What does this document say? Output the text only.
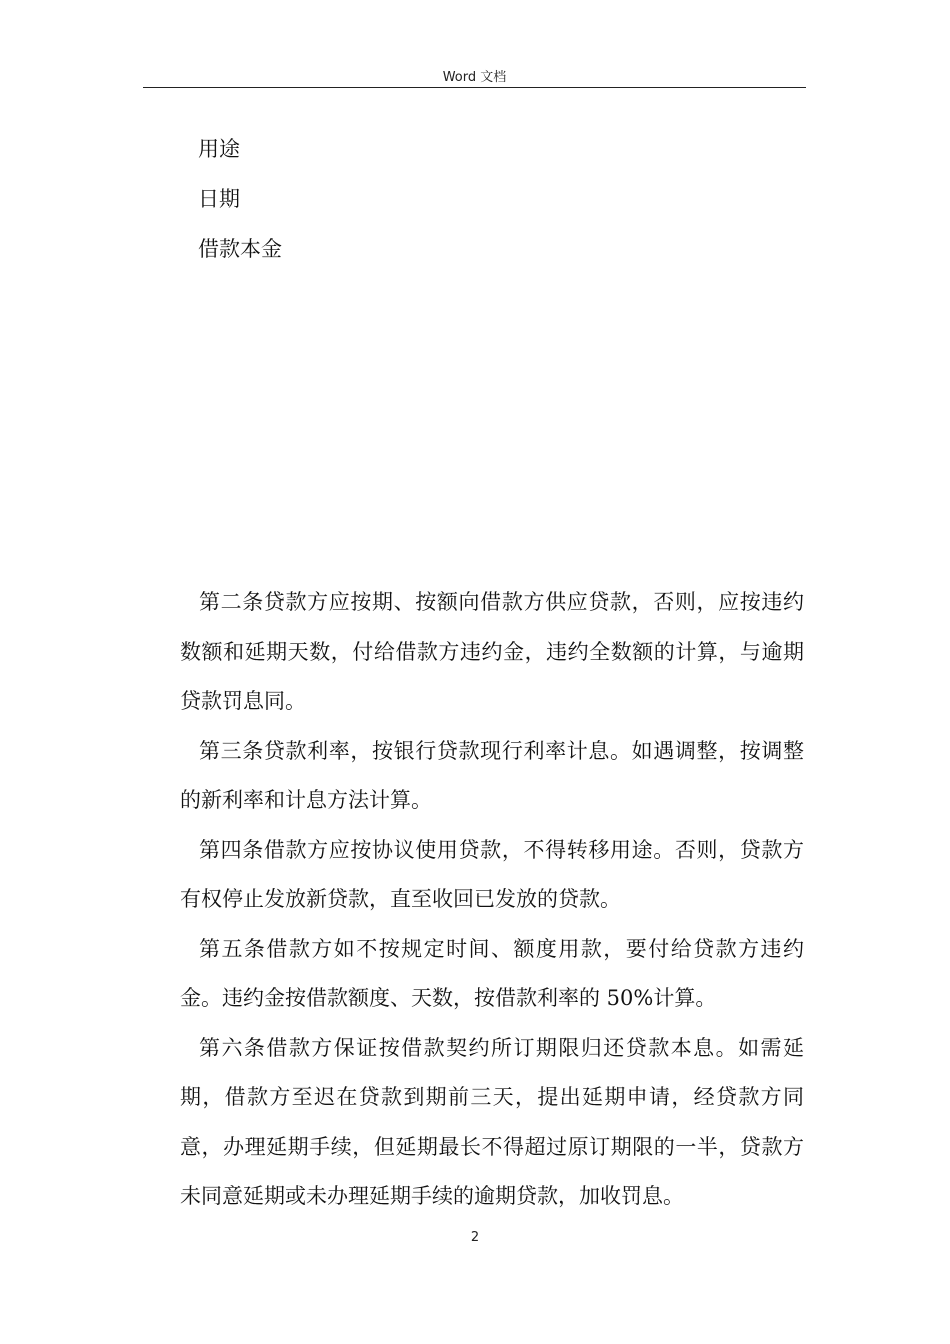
Word 文档
用途
日期
借款本金

第二条贷款方应按期、按额向借款方供应贷款，否则，应按违约数额和延期天数，付给借款方违约金，违约全数额的计算，与逾期贷款罚息同。

第三条贷款利率，按银行贷款现行利率计息。如遇调整，按调整的新利率和计息方法计算。

第四条借款方应按协议使用贷款，不得转移用途。否则，贷款方有权停止发放新贷款，直至收回已发放的贷款。

第五条借款方如不按规定时间、额度用款，要付给贷款方违约金。违约金按借款额度、天数，按借款利率的 50%计算。

第六条借款方保证按借款契约所订期限归还贷款本息。如需延期，借款方至迟在贷款到期前三天，提出延期申请，经贷款方同意，办理延期手续，但延期最长不得超过原订期限的一半，贷款方未同意延期或未办理延期手续的逾期贷款，加收罚息。

2
